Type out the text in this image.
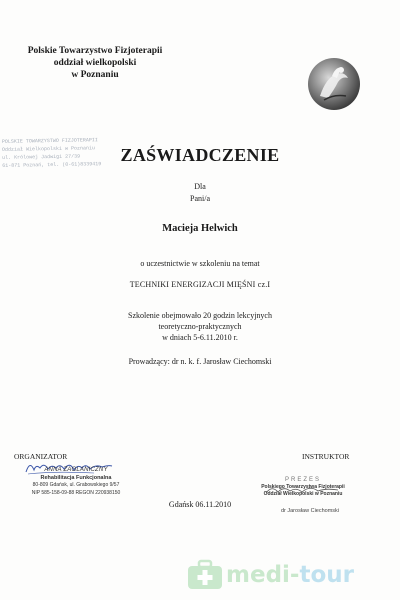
Polskie Towarzystwo Fizjoterapii
oddział wielkopolski
w Poznaniu
POLSKIE TOWARZYSTWO FIZJOTERAPII
Oddział Wielkopolski w Poznaniu
ul. Królowej Jadwigi 27/39
61-871 Poznań, tel. (0-61)8339419
ZAŚWIADCZENIE
Dla
Pani/a
Macieja Helwich
o uczestnictwie w szkoleniu na temat
TECHNIKI ENERGIZACJI MIĘŚNI cz.I
Szkolenie obejmowało 20 godzin lekcyjnych
teoretyczno-praktycznych
w dniach 5-6.11.2010 r.
Prowadzący: dr n. k. f. Jarosław Ciechomski
ORGANIZATOR	INSTRUKTOR
ANNA ZAGLANICZNY
Rehabilitacja Funkcjonalna
80-809 Gdańsk, ul. Grabowskiego 9/57
NIP 585-158-09-88 REGON 220938150
PREZES
Polskiego Towarzystwa Fizjoterapii
Oddział Wielkopolski w Poznaniu
dr Jarosław Ciechomski
Gdańsk 06.11.2010
medi-tour
